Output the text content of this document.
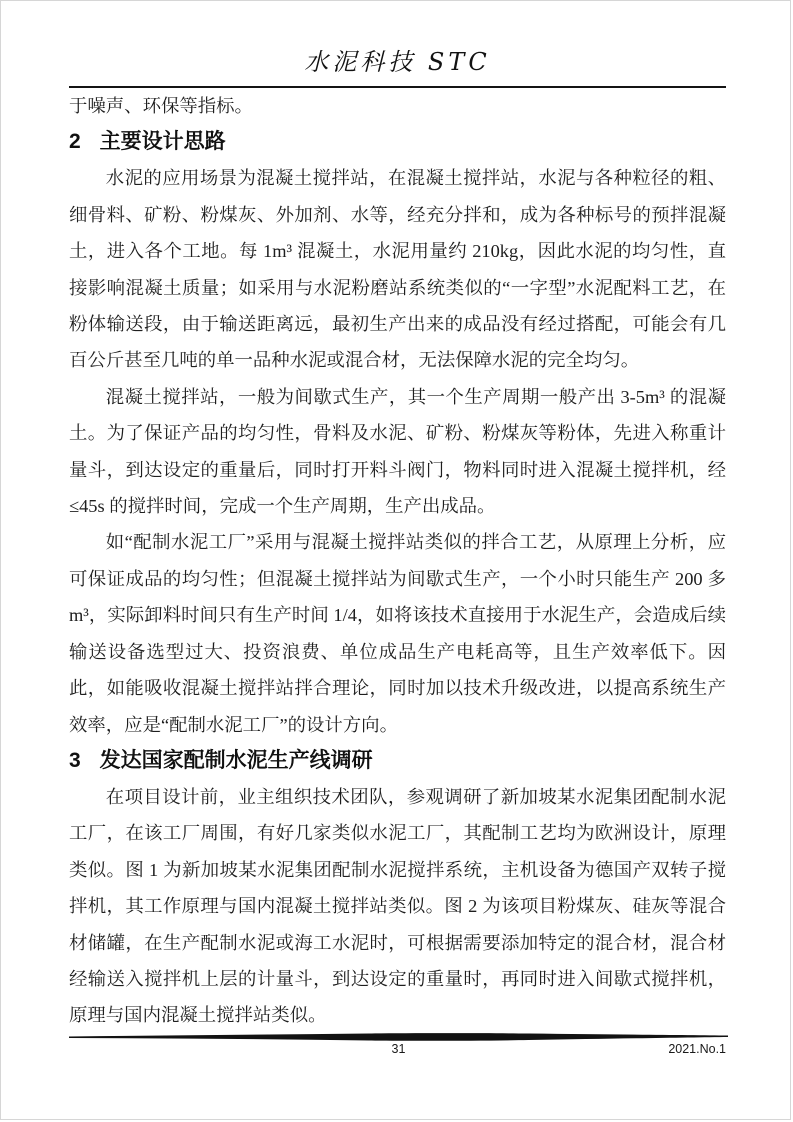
水泥科技 STC

于噪声、环保等指标。

2 主要设计思路

水泥的应用场景为混凝土搅拌站，在混凝土搅拌站，水泥与各种粒径的粗、细骨料、矿粉、粉煤灰、外加剂、水等，经充分拌和，成为各种标号的预拌混凝土，进入各个工地。每 1m³ 混凝土，水泥用量约 210kg，因此水泥的均匀性，直接影响混凝土质量；如采用与水泥粉磨站系统类似的“一字型”水泥配料工艺，在粉体输送段，由于输送距离远，最初生产出来的成品没有经过搭配，可能会有几百公斤甚至几吨的单一品种水泥或混合材，无法保障水泥的完全均匀。

混凝土搅拌站，一般为间歇式生产，其一个生产周期一般产出 3-5m³ 的混凝土。为了保证产品的均匀性，骨料及水泥、矿粉、粉煤灰等粉体，先进入称重计量斗，到达设定的重量后，同时打开料斗阀门，物料同时进入混凝土搅拌机，经≤45s 的搅拌时间，完成一个生产周期，生产出成品。

如“配制水泥工厂”采用与混凝土搅拌站类似的拌合工艺，从原理上分析，应可保证成品的均匀性；但混凝土搅拌站为间歇式生产，一个小时只能生产 200 多m³，实际卸料时间只有生产时间 1/4，如将该技术直接用于水泥生产，会造成后续输送设备选型过大、投资浪费、单位成品生产电耗高等，且生产效率低下。因此，如能吸收混凝土搅拌站拌合理论，同时加以技术升级改进，以提高系统生产效率，应是“配制水泥工厂”的设计方向。

3 发达国家配制水泥生产线调研

在项目设计前，业主组织技术团队，参观调研了新加坡某水泥集团配制水泥工厂，在该工厂周围，有好几家类似水泥工厂，其配制工艺均为欧洲设计，原理类似。图 1 为新加坡某水泥集团配制水泥搅拌系统，主机设备为德国产双转子搅拌机，其工作原理与国内混凝土搅拌站类似。图 2 为该项目粉煤灰、硅灰等混合材储罐，在生产配制水泥或海工水泥时，可根据需要添加特定的混合材，混合材经输送入搅拌机上层的计量斗，到达设定的重量时，再同时进入间歇式搅拌机，原理与国内混凝土搅拌站类似。

31	2021.No.1
